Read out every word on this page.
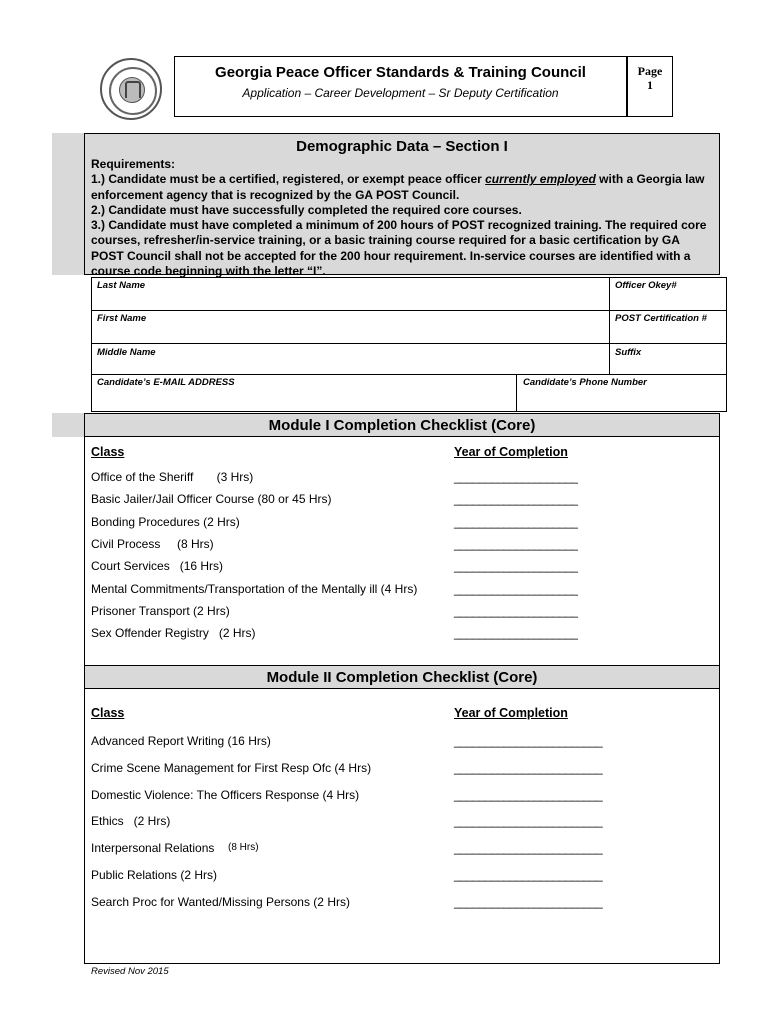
Georgia Peace Officer Standards & Training Council
Application – Career Development – Sr Deputy Certification
Page
1
Demographic Data – Section I
Requirements:
1.) Candidate must be a certified, registered, or exempt peace officer currently employed with a Georgia law enforcement agency that is recognized by the GA POST Council.
2.) Candidate must have successfully completed the required core courses.
3.) Candidate must have completed a minimum of 200 hours of POST recognized training. The required core courses, refresher/in-service training, or a basic training course required for a basic certification by GA POST Council shall not be accepted for the 200 hour requirement. In-service courses are identified with a course code beginning with the letter “I”.
Last Name	Officer Okey#
First Name	POST Certification #
Middle Name	Suffix
Candidate’s E-MAIL ADDRESS	Candidate’s Phone Number
Module I Completion Checklist (Core)
Class	Year of Completion
Office of the Sheriff       (3 Hrs)	____________________
Basic Jailer/Jail Officer Course (80 or 45 Hrs)	____________________
Bonding Procedures (2 Hrs)	____________________
Civil Process     (8 Hrs)	____________________
Court Services   (16 Hrs)	____________________
Mental Commitments/Transportation of the Mentally ill (4 Hrs)	____________________
Prisoner Transport (2 Hrs)	____________________
Sex Offender Registry   (2 Hrs)	____________________
Module II Completion Checklist (Core)
Class	Year of Completion
Advanced Report Writing (16 Hrs)	________________________
Crime Scene Management for First Resp Ofc (4 Hrs)	________________________
Domestic Violence: The Officers Response (4 Hrs)	________________________
Ethics   (2 Hrs)	________________________
Interpersonal Relations (8 Hrs)	________________________
Public Relations (2 Hrs)	________________________
Search Proc for Wanted/Missing Persons (2 Hrs)	________________________
Revised Nov 2015
